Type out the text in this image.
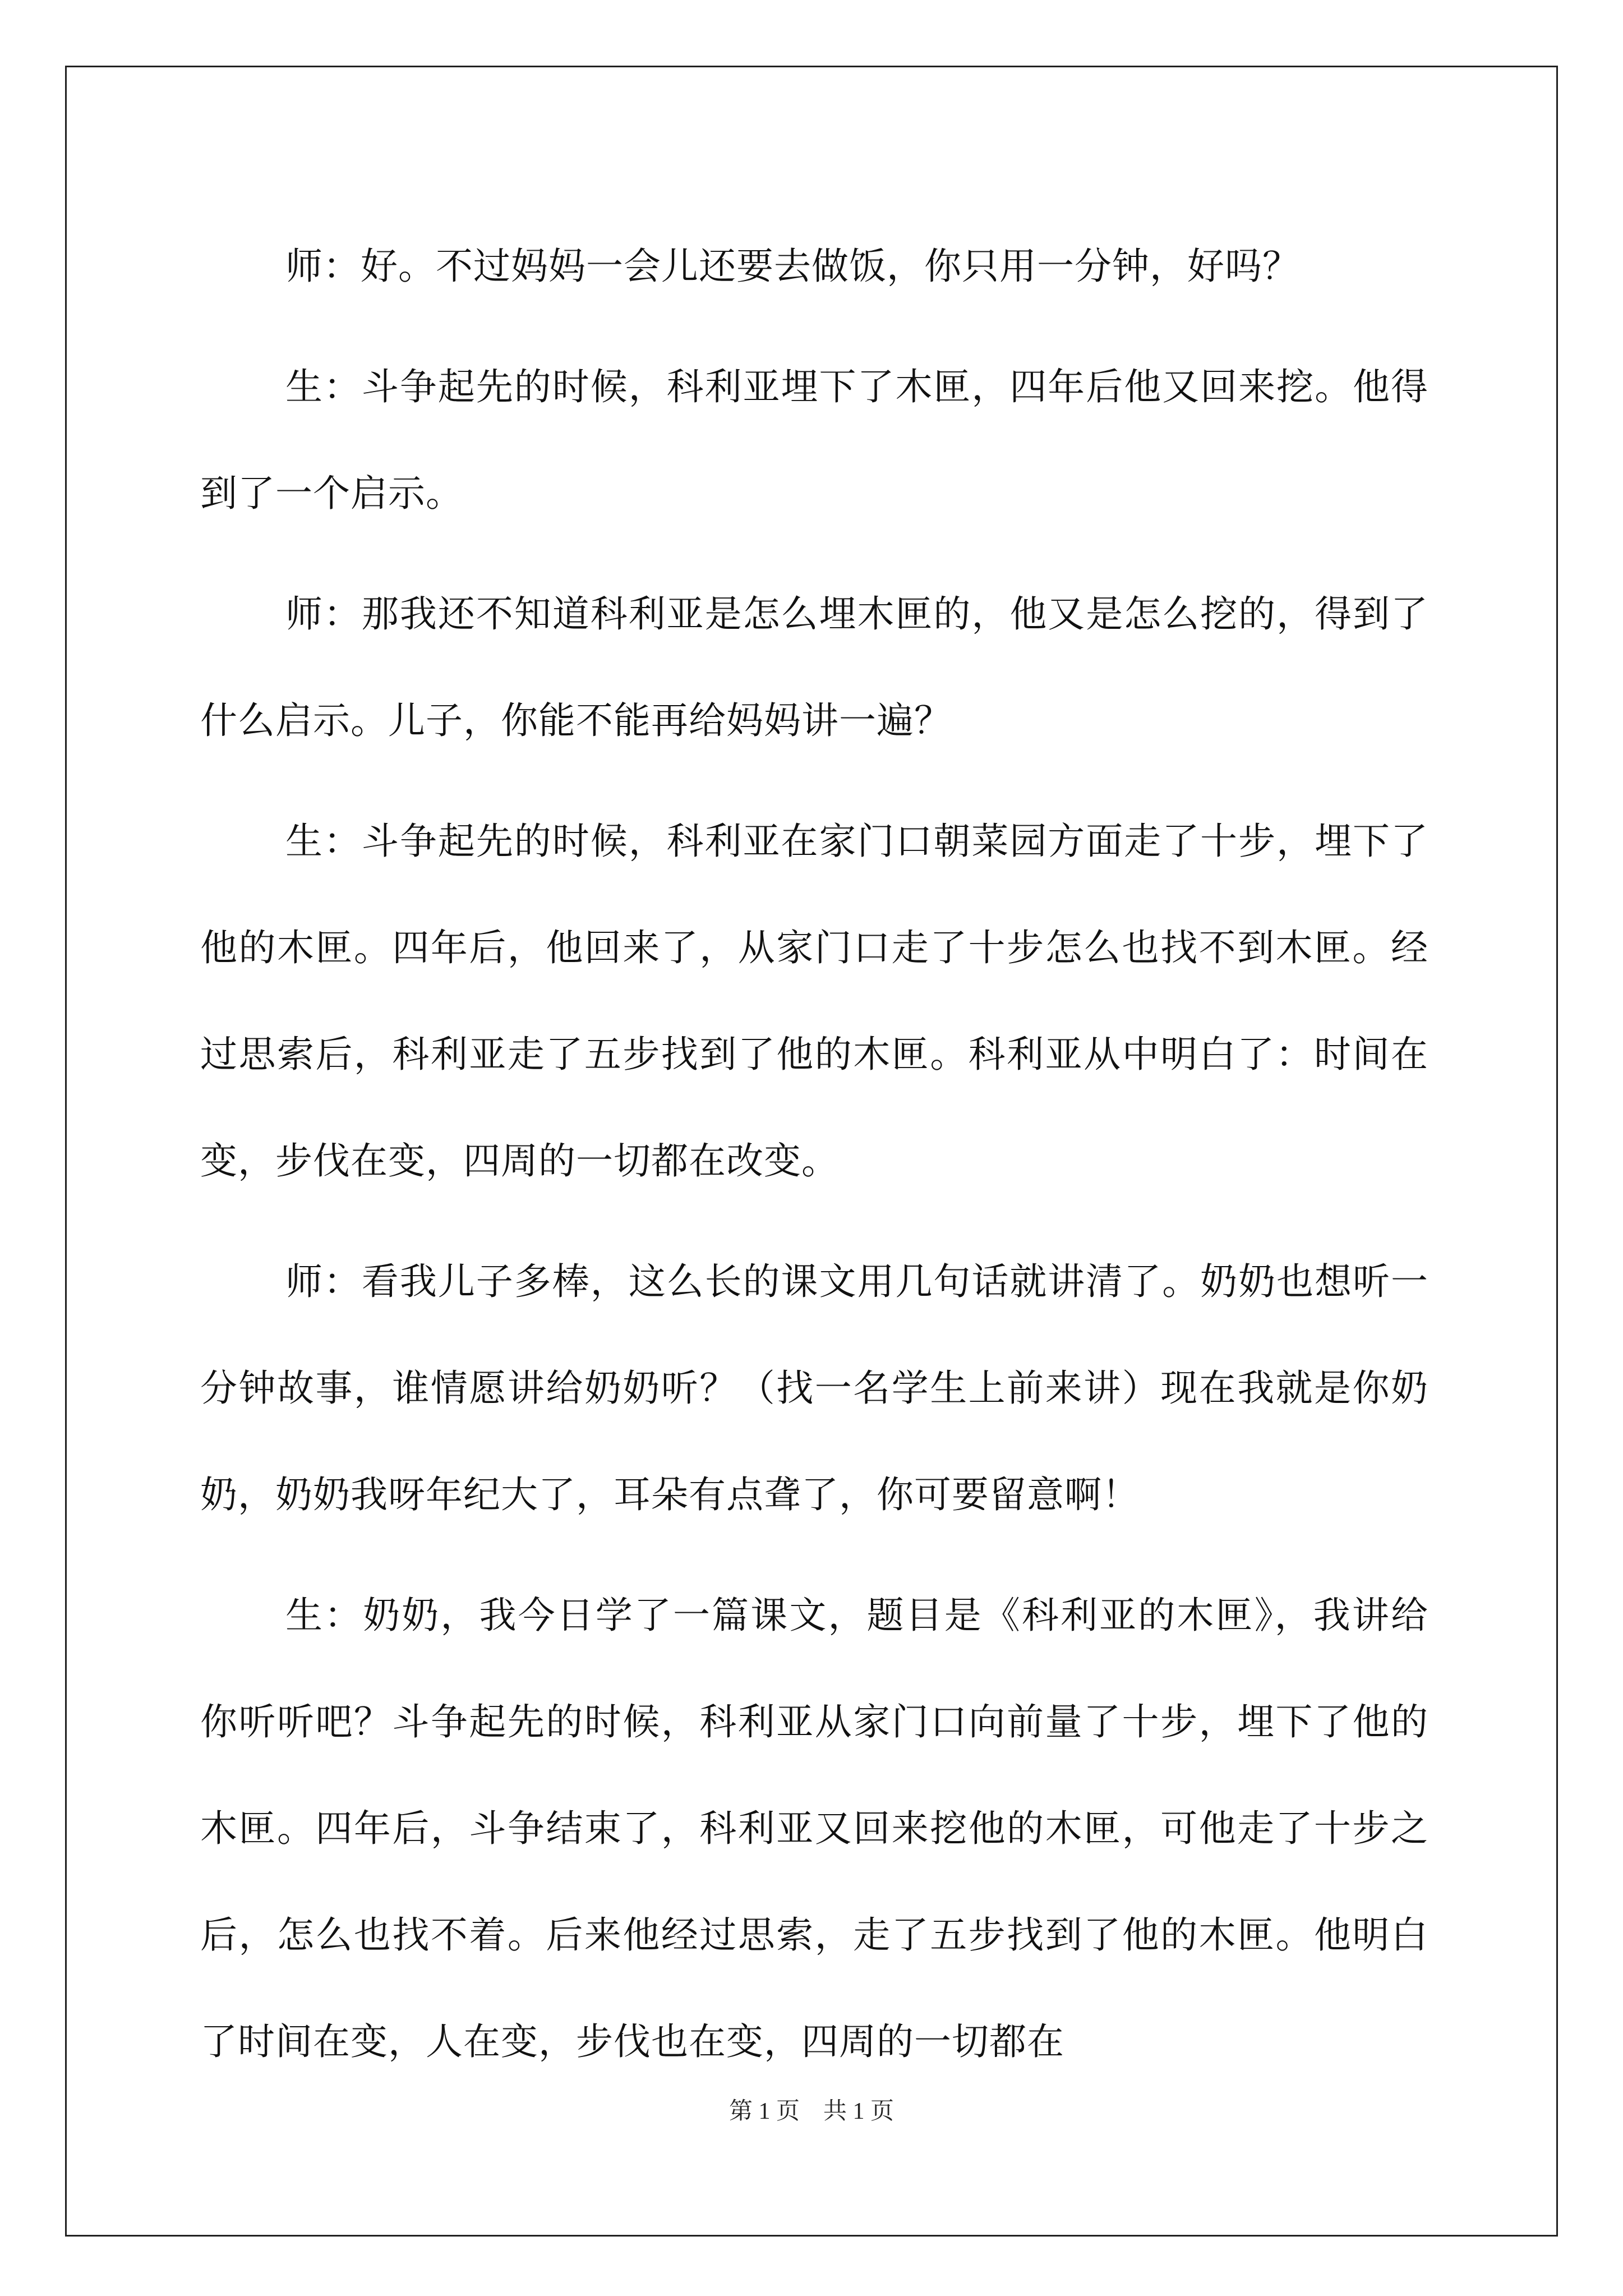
师：好。不过妈妈一会儿还要去做饭，你只用一分钟，好吗？

生：斗争起先的时候，科利亚埋下了木匣，四年后他又回来挖。他得到了一个启示。

师：那我还不知道科利亚是怎么埋木匣的，他又是怎么挖的，得到了什么启示。儿子，你能不能再给妈妈讲一遍？

生：斗争起先的时候，科利亚在家门口朝菜园方面走了十步，埋下了他的木匣。四年后，他回来了，从家门口走了十步怎么也找不到木匣。经过思索后，科利亚走了五步找到了他的木匣。科利亚从中明白了：时间在变，步伐在变，四周的一切都在改变。

师：看我儿子多棒，这么长的课文用几句话就讲清了。奶奶也想听一分钟故事，谁情愿讲给奶奶听？（找一名学生上前来讲）现在我就是你奶奶，奶奶我呀年纪大了，耳朵有点聋了，你可要留意啊！

生：奶奶，我今日学了一篇课文，题目是《科利亚的木匣》，我讲给你听听吧？斗争起先的时候，科利亚从家门口向前量了十步，埋下了他的木匣。四年后，斗争结束了，科利亚又回来挖他的木匣，可他走了十步之后，怎么也找不着。后来他经过思索，走了五步找到了他的木匣。他明白了时间在变，人在变，步伐也在变，四周的一切都在

第 1 页　共 1 页
